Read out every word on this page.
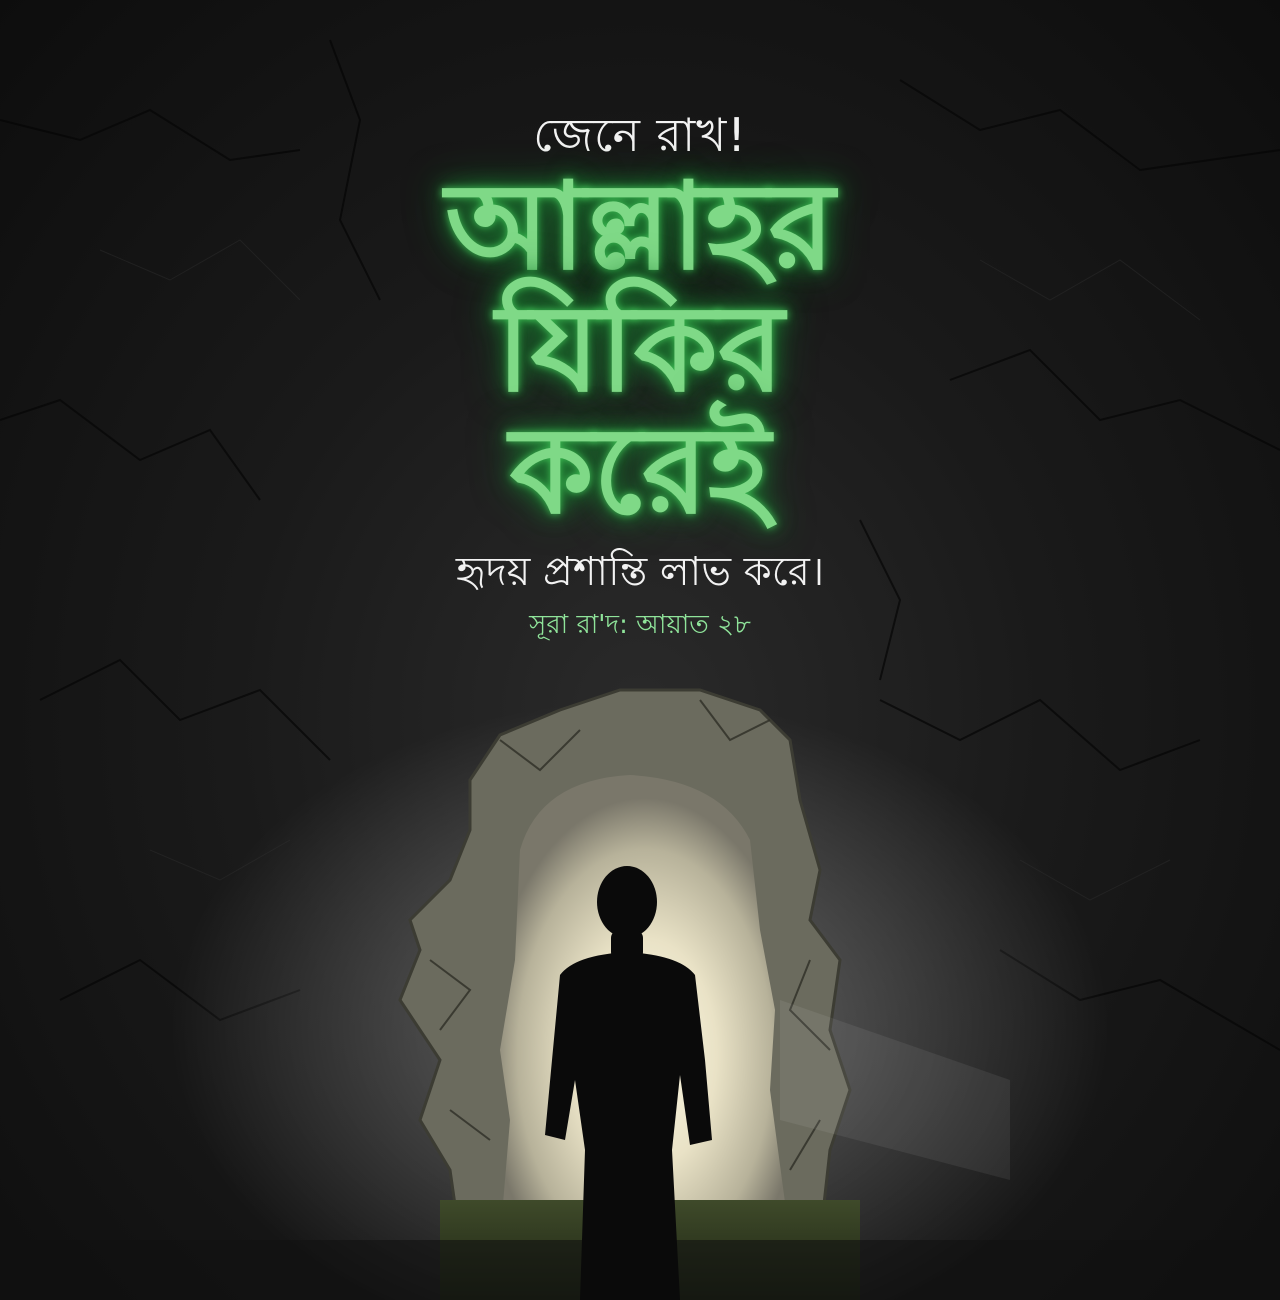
জেনে রাখ!

আল্লাহর

যিকির

করেই

হৃদয় প্রশান্তি লাভ করে।

সূরা রা'দ: আয়াত ২৮
